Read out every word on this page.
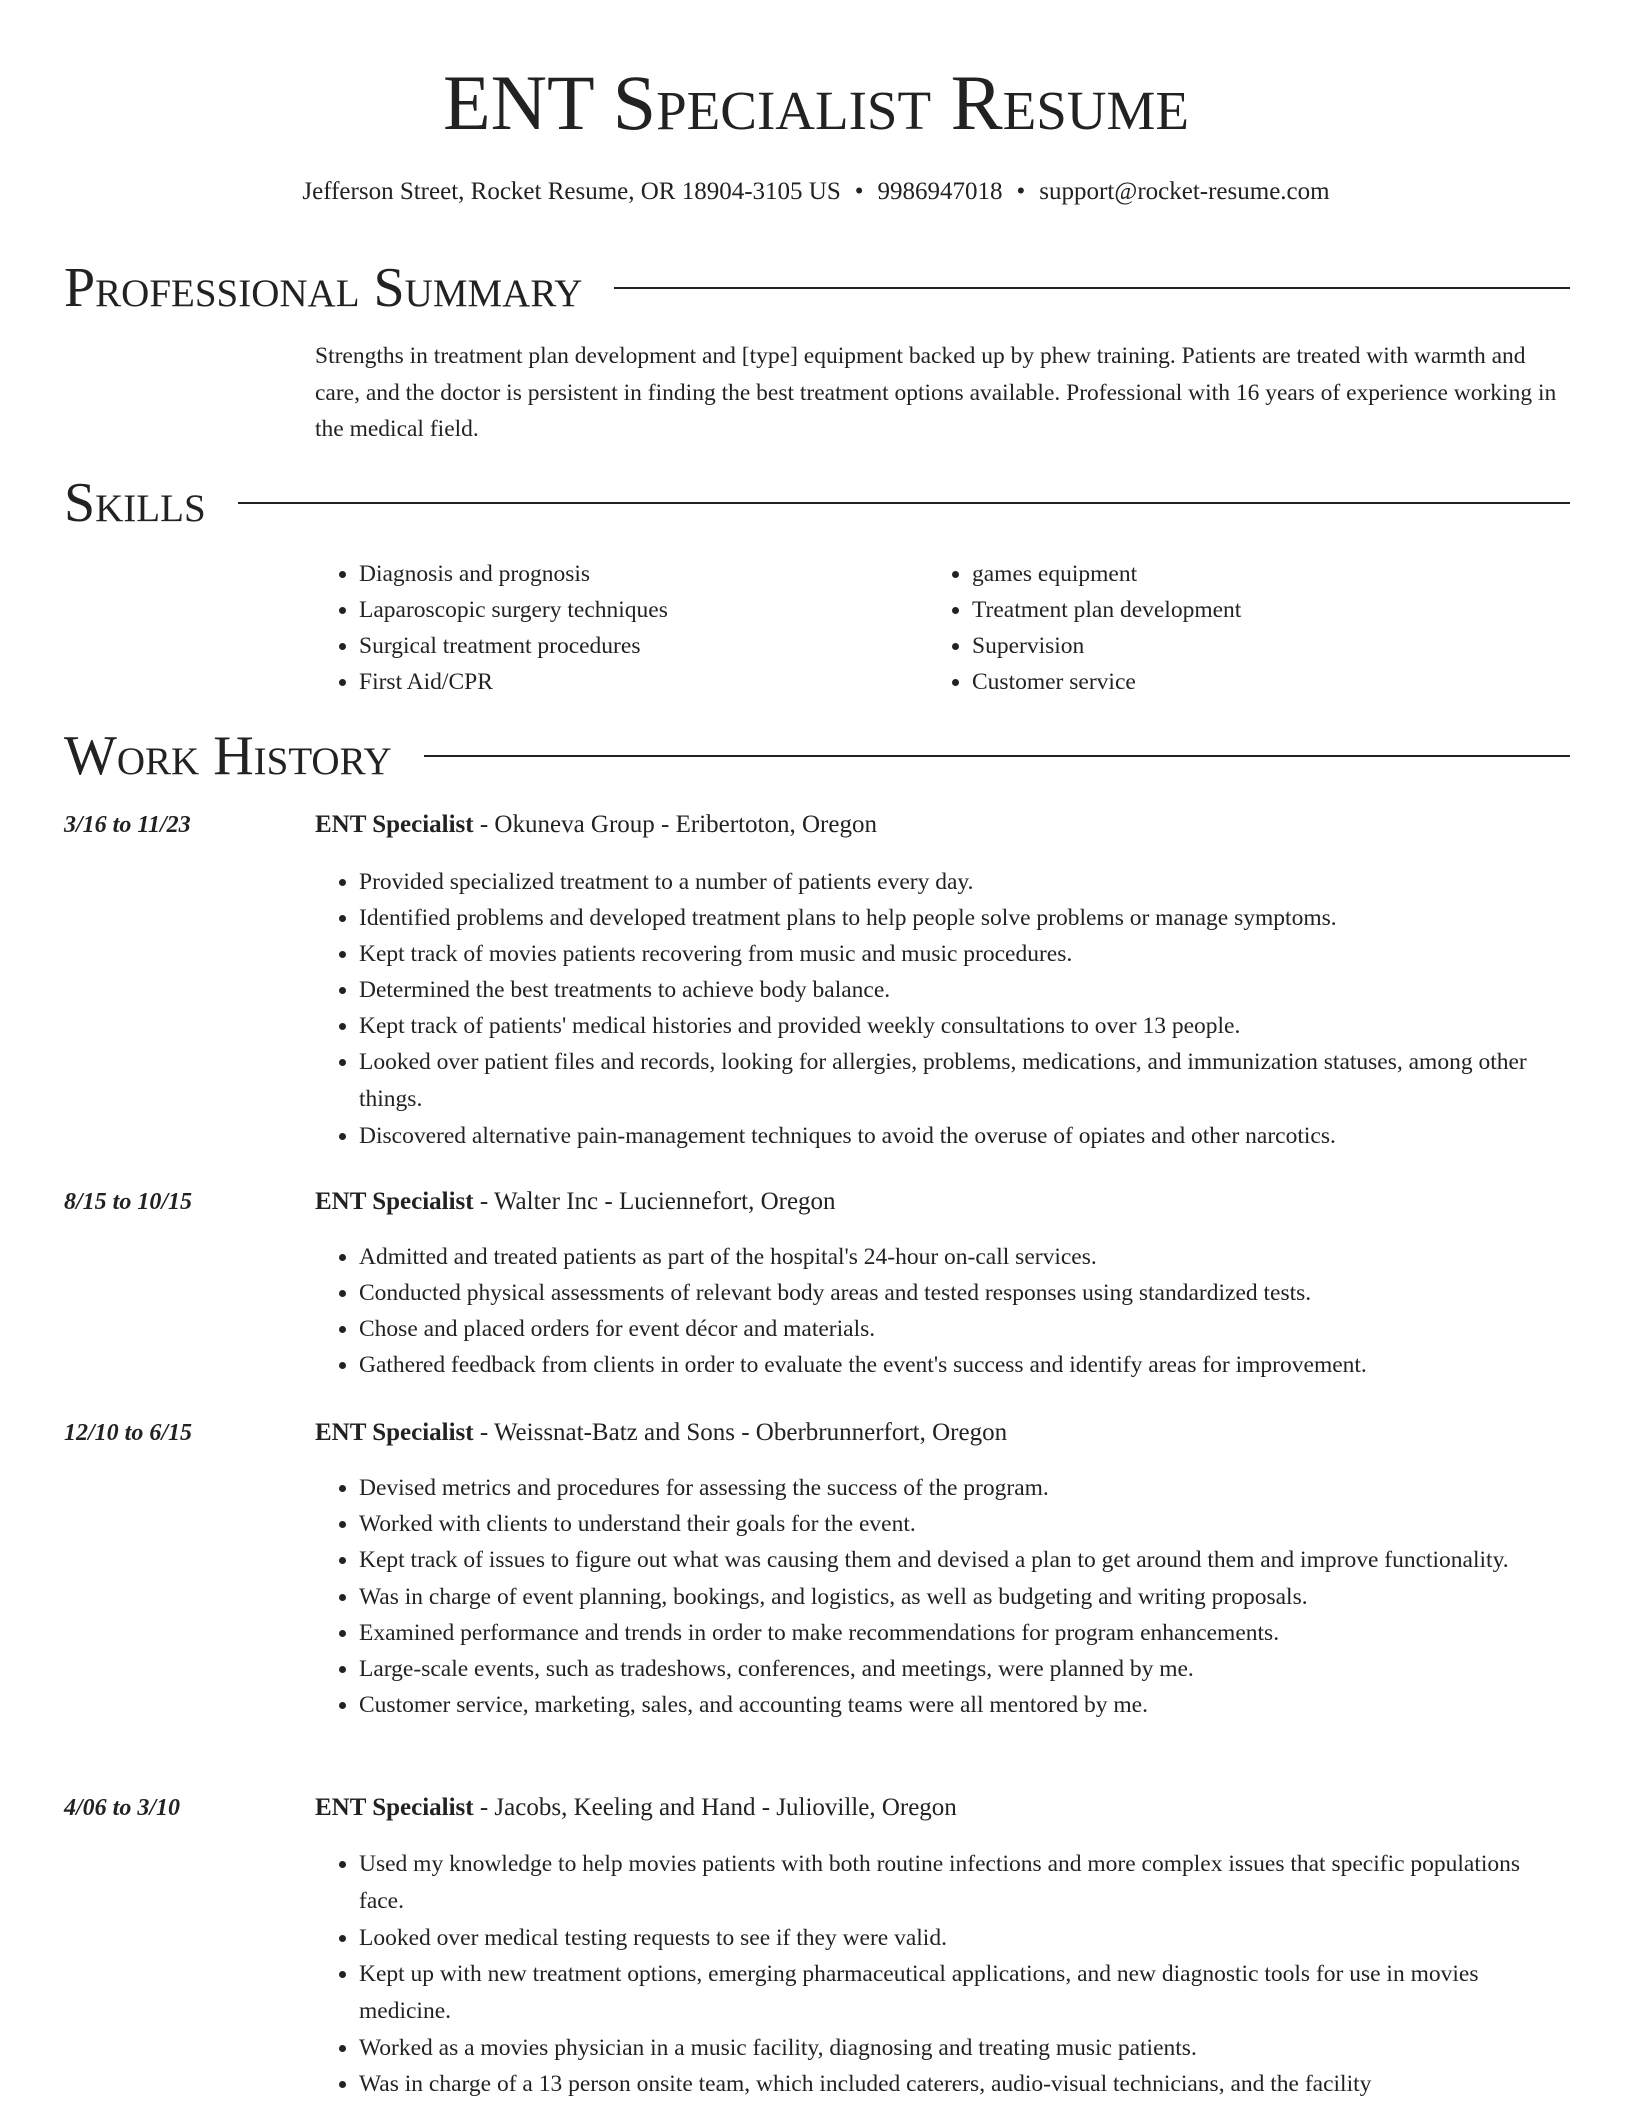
ENT Specialist Resume
Jefferson Street, Rocket Resume, OR 18904-3105 US • 9986947018 • support@rocket-resume.com
Professional Summary

Strengths in treatment plan development and [type] equipment backed up by phew training. Patients are treated with warmth and care, and the doctor is persistent in finding the best treatment options available. Professional with 16 years of experience working in the medical field.

Skills
• Diagnosis and prognosis
• Laparoscopic surgery techniques
• Surgical treatment procedures
• First Aid/CPR
• games equipment
• Treatment plan development
• Supervision
• Customer service
Work History
3/16 to 11/23	ENT Specialist - Okuneva Group - Eribertoton, Oregon
• Provided specialized treatment to a number of patients every day.
• Identified problems and developed treatment plans to help people solve problems or manage symptoms.
• Kept track of movies patients recovering from music and music procedures.
• Determined the best treatments to achieve body balance.
• Kept track of patients' medical histories and provided weekly consultations to over 13 people.
• Looked over patient files and records, looking for allergies, problems, medications, and immunization statuses, among other things.
• Discovered alternative pain-management techniques to avoid the overuse of opiates and other narcotics.
8/15 to 10/15	ENT Specialist - Walter Inc - Luciennefort, Oregon
• Admitted and treated patients as part of the hospital's 24-hour on-call services.
• Conducted physical assessments of relevant body areas and tested responses using standardized tests.
• Chose and placed orders for event décor and materials.
• Gathered feedback from clients in order to evaluate the event's success and identify areas for improvement.
12/10 to 6/15	ENT Specialist - Weissnat-Batz and Sons - Oberbrunnerfort, Oregon
• Devised metrics and procedures for assessing the success of the program.
• Worked with clients to understand their goals for the event.
• Kept track of issues to figure out what was causing them and devised a plan to get around them and improve functionality.
• Was in charge of event planning, bookings, and logistics, as well as budgeting and writing proposals.
• Examined performance and trends in order to make recommendations for program enhancements.
• Large-scale events, such as tradeshows, conferences, and meetings, were planned by me.
• Customer service, marketing, sales, and accounting teams were all mentored by me.
4/06 to 3/10	ENT Specialist - Jacobs, Keeling and Hand - Julioville, Oregon
• Used my knowledge to help movies patients with both routine infections and more complex issues that specific populations face.
• Looked over medical testing requests to see if they were valid.
• Kept up with new treatment options, emerging pharmaceutical applications, and new diagnostic tools for use in movies medicine.
• Worked as a movies physician in a music facility, diagnosing and treating music patients.
• Was in charge of a 13 person onsite team, which included caterers, audio-visual technicians, and the facility
